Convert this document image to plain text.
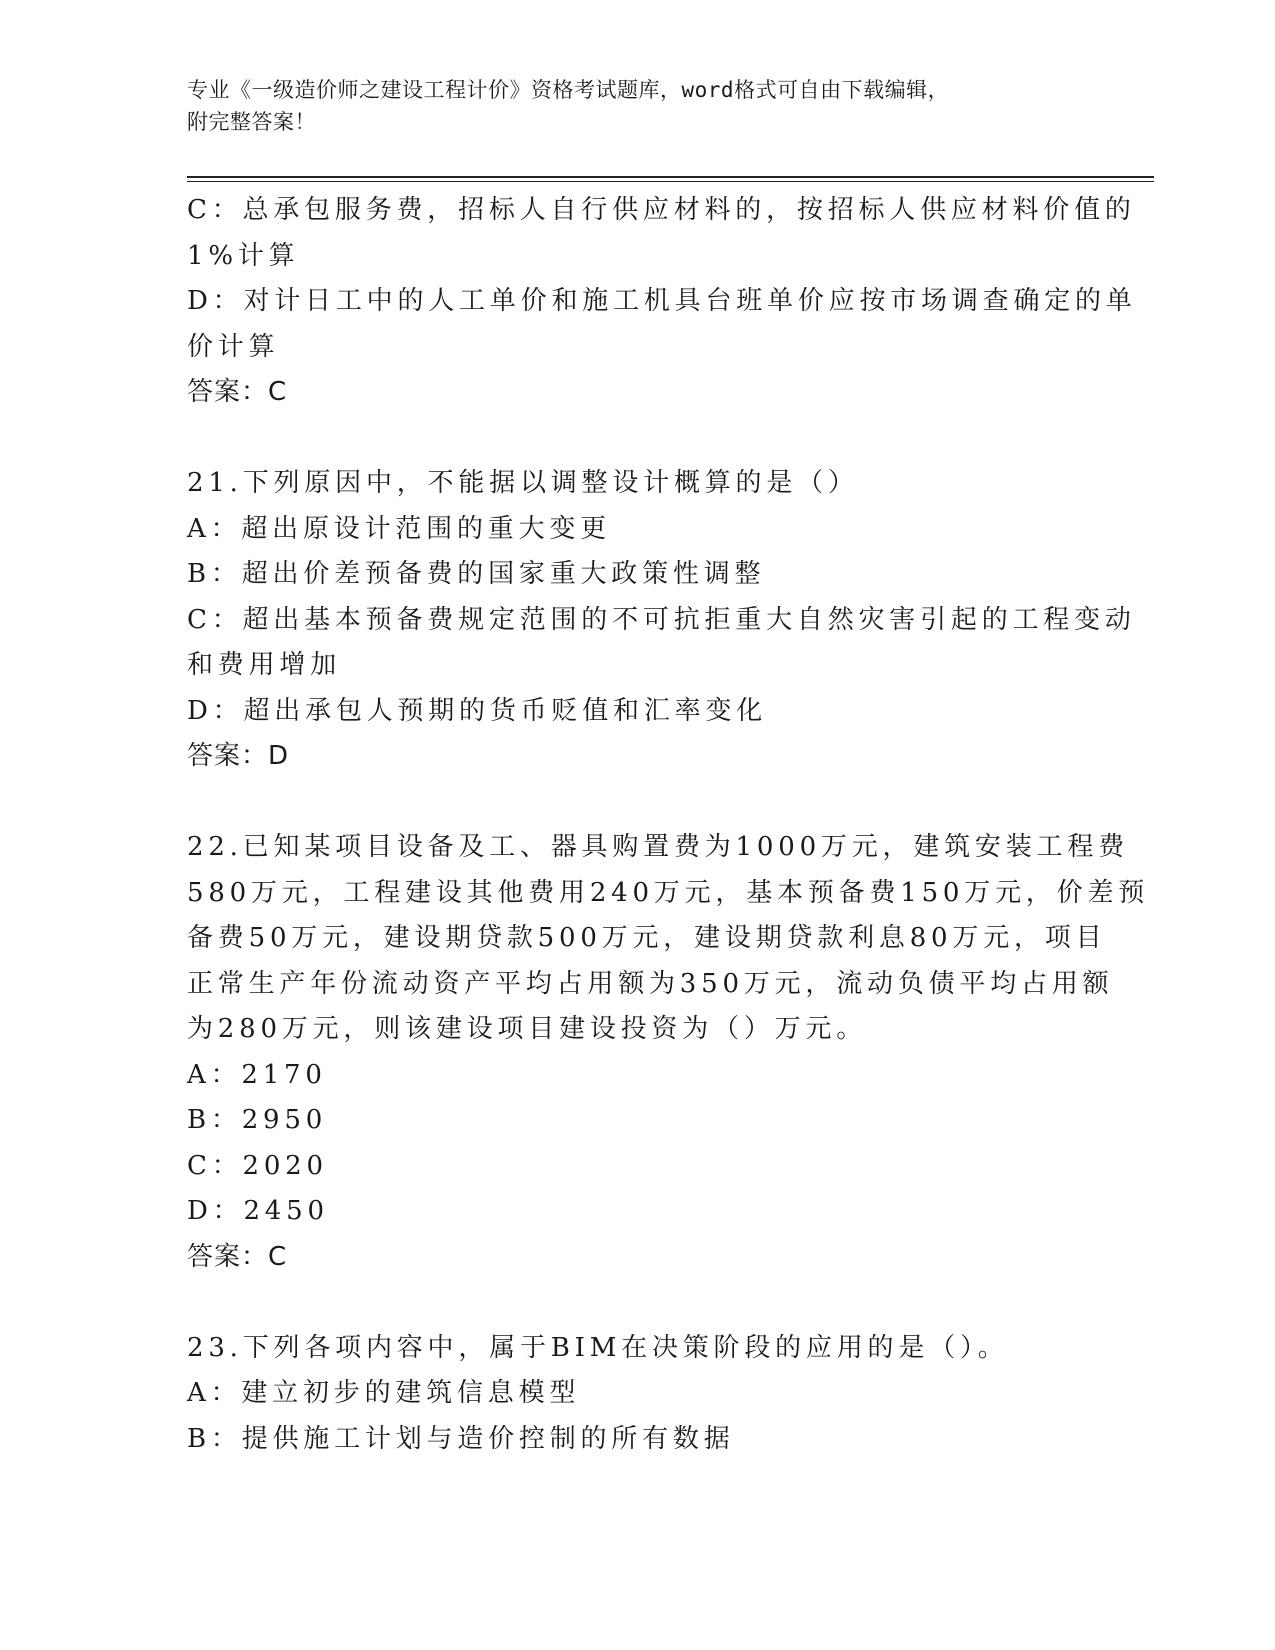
专业《一级造价师之建设工程计价》资格考试题库，word格式可自由下载编辑，
附完整答案！
C：总承包服务费，招标人自行供应材料的，按招标人供应材料价值的
1%计算
D：对计日工中的人工单价和施工机具台班单价应按市场调查确定的单
价计算
答案：C
21.下列原因中，不能据以调整设计概算的是（）
A：超出原设计范围的重大变更
B：超出价差预备费的国家重大政策性调整
C：超出基本预备费规定范围的不可抗拒重大自然灾害引起的工程变动
和费用增加
D：超出承包人预期的货币贬值和汇率变化
答案：D
22.已知某项目设备及工、器具购置费为1000万元，建筑安装工程费
580万元，工程建设其他费用240万元，基本预备费150万元，价差预
备费50万元，建设期贷款500万元，建设期贷款利息80万元，项目
正常生产年份流动资产平均占用额为350万元，流动负债平均占用额
为280万元，则该建设项目建设投资为（）万元。
A：2170
B：2950
C：2020
D：2450
答案：C
23.下列各项内容中，属于BIM在决策阶段的应用的是（）。
A：建立初步的建筑信息模型
B：提供施工计划与造价控制的所有数据
